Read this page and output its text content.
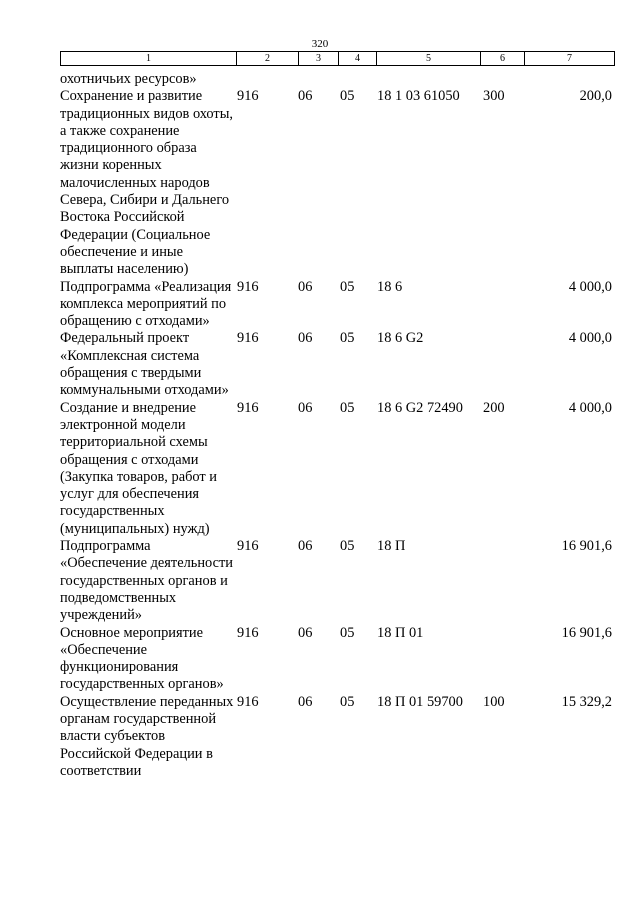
320
1	2	3	4	5	6	7
охотничьих ресурсов»						
Сохранение и развитие традиционных видов охоты, а также сохранение традиционного образа жизни коренных малочисленных народов Севера, Сибири и Дальнего Востока Российской Федерации (Социальное обеспечение и иные выплаты населению)	916	06	05	18 1 03 61050	300	200,0
Подпрограмма «Реализация комплекса мероприятий по обращению с отходами»	916	06	05	18 6		4 000,0
Федеральный проект «Комплексная система обращения с твердыми коммунальными отходами»	916	06	05	18 6 G2		4 000,0
Создание и внедрение электронной модели территориальной схемы обращения с отходами (Закупка товаров, работ и услуг для обеспечения государственных (муниципальных) нужд)	916	06	05	18 6 G2 72490	200	4 000,0
Подпрограмма «Обеспечение деятельности государственных органов и подведомственных учреждений»	916	06	05	18 П		16 901,6
Основное мероприятие «Обеспечение функционирования государственных органов»	916	06	05	18 П 01		16 901,6
Осуществление переданных органам государственной власти субъектов Российской Федерации в соответствии	916	06	05	18 П 01 59700	100	15 329,2
